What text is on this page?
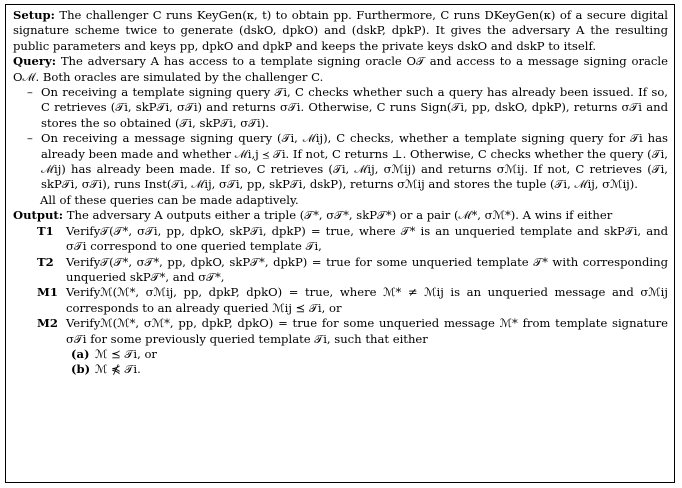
Setup: The challenger C runs KeyGen(κ, t) to obtain pp. Furthermore, C runs DKeyGen(κ) of a secure digital signature scheme twice to generate (dskO, dpkO) and (dskP, dpkP). It gives the adversary A the resulting public parameters and keys pp, dpkO and dpkP and keeps the private keys dskO and dskP to itself.

Query: The adversary A has access to a template signing oracle O𝒯 and access to a message signing oracle Oℳ. Both oracles are simulated by the challenger C.

– On receiving a template signing query 𝒯i, C checks whether such a query has already been issued. If so, C retrieves (𝒯i, skP𝒯i, σ𝒯i) and returns σ𝒯i. Otherwise, C runs Sign(𝒯i, pp, dskO, dpkP), returns σ𝒯i and stores the so obtained (𝒯i, skP𝒯i, σ𝒯i).
– On receiving a message signing query (𝒯i, ℳij), C checks, whether a template signing query for 𝒯i has already been made and whether ℳi,j ⪯ 𝒯i. If not, C returns ⊥. Otherwise, C checks whether the query (𝒯i, ℳij) has already been made. If so, C retrieves (𝒯i, ℳij, σℳij) and returns σℳij. If not, C retrieves (𝒯i, skP𝒯i, σ𝒯i), runs Inst(𝒯i, ℳij, σ𝒯i, pp, skP𝒯i, dskP), returns σℳij and stores the tuple (𝒯i, ℳij, σℳij).

All of these queries can be made adaptively.

Output: The adversary A outputs either a triple (𝒯*, σ𝒯*, skP𝒯*) or a pair (ℳ*, σℳ*). A wins if either

T1 Verify𝒯(𝒯*, σ𝒯i, pp, dpkO, skP𝒯i, dpkP) = true, where 𝒯* is an unqueried template and skP𝒯i, and σ𝒯i correspond to one queried template 𝒯i,

T2 Verify𝒯(𝒯*, σ𝒯*, pp, dpkO, skP𝒯*, dpkP) = true for some unqueried template 𝒯* with corresponding unqueried skP𝒯*, and σ𝒯*,

M1 Verifyℳ(ℳ*, σℳij, pp, dpkP, dpkO) = true, where ℳ* ≠ ℳij is an unqueried message and σℳij corresponds to an already queried ℳij ⪯ 𝒯i, or

M2 Verifyℳ(ℳ*, σℳ*, pp, dpkP, dpkO) = true for some unqueried message ℳ* from template signature σ𝒯i for some previously queried template 𝒯i, such that either

(a) ℳ ⪯ 𝒯i, or

(b) ℳ ⋠ 𝒯i.
